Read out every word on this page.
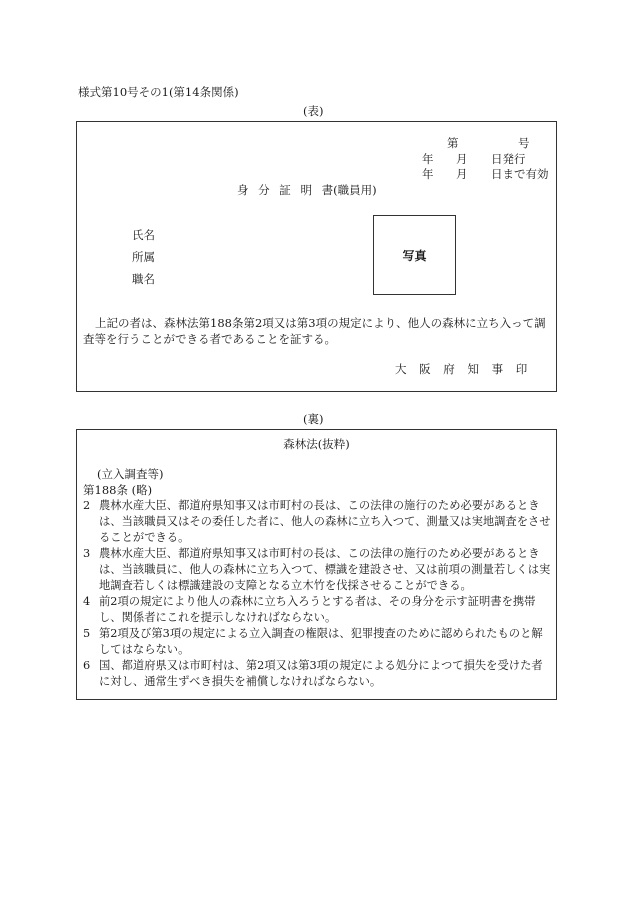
様式第10号その1(第14条関係)
(表)
第	号
年 月 日発行
年 月 日まで有効
身 分 証 明 書(職員用)
氏名
所属
職名
写真
上記の者は、森林法第188条第2項又は第3項の規定により、他人の森林に立ち入って調査等を行うことができる者であることを証する。
大 阪 府 知 事 印
(裏)
森林法(抜粋)
(立入調査等)
第188条 (略)
2 農林水産大臣、都道府県知事又は市町村の長は、この法律の施行のため必要があるときは、当該職員又はその委任した者に、他人の森林に立ち入つて、測量又は実地調査をさせることができる。
3 農林水産大臣、都道府県知事又は市町村の長は、この法律の施行のため必要があるときは、当該職員に、他人の森林に立ち入つて、標識を建設させ、又は前項の測量若しくは実地調査若しくは標識建設の支障となる立木竹を伐採させることができる。
4 前2項の規定により他人の森林に立ち入ろうとする者は、その身分を示す証明書を携帯し、関係者にこれを提示しなければならない。
5 第2項及び第3項の規定による立入調査の権限は、犯罪捜査のために認められたものと解してはならない。
6 国、都道府県又は市町村は、第2項又は第3項の規定による処分によつて損失を受けた者に対し、通常生ずべき損失を補償しなければならない。
